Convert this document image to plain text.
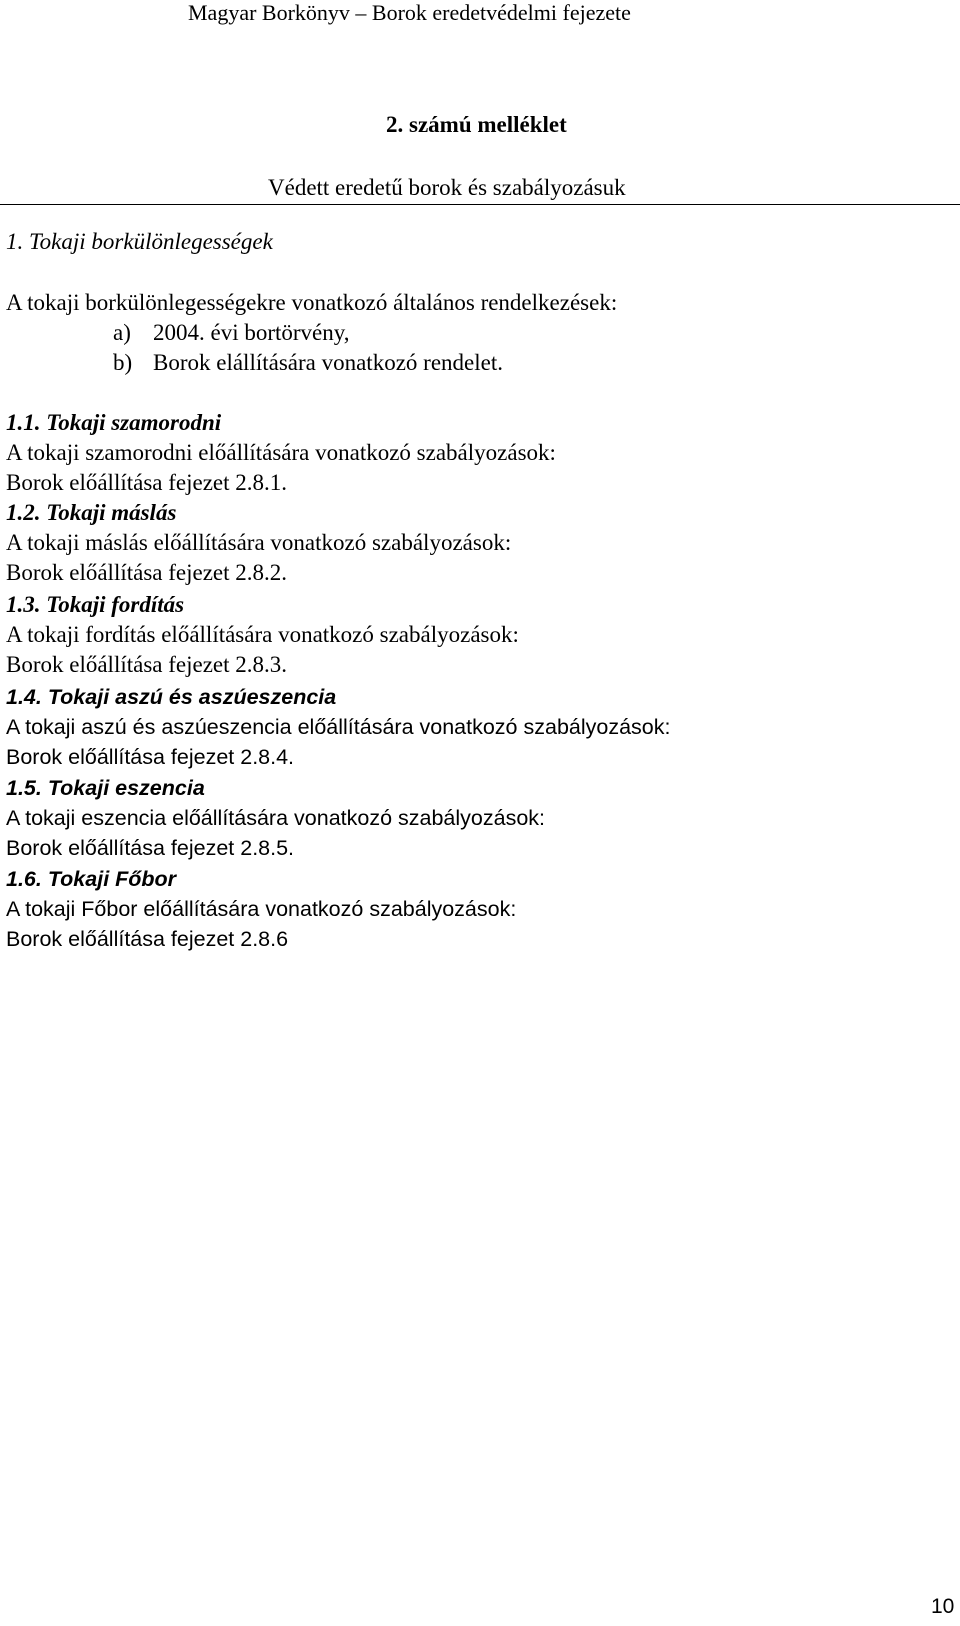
Magyar Borkönyv – Borok eredetvédelmi fejezete
2. számú melléklet
Védett eredetű borok és szabályozásuk
1. Tokaji borkülönlegességek
A tokaji borkülönlegességekre vonatkozó általános rendelkezések:
a) 2004. évi bortörvény,
b) Borok elállítására vonatkozó rendelet.
1.1. Tokaji szamorodni
A tokaji szamorodni előállítására vonatkozó szabályozások:
Borok előállítása fejezet 2.8.1.
1.2. Tokaji máslás
A tokaji máslás előállítására vonatkozó szabályozások:
Borok előállítása fejezet 2.8.2.
1.3. Tokaji fordítás
A tokaji fordítás előállítására vonatkozó szabályozások:
Borok előállítása fejezet 2.8.3.
1.4. Tokaji aszú és aszúeszencia
A tokaji aszú és aszúeszencia előállítására vonatkozó szabályozások:
Borok előállítása fejezet 2.8.4.
1.5. Tokaji eszencia
A tokaji eszencia előállítására vonatkozó szabályozások:
Borok előállítása fejezet 2.8.5.
1.6. Tokaji Főbor
A tokaji Főbor előállítására vonatkozó szabályozások:
Borok előállítása fejezet 2.8.6
10
